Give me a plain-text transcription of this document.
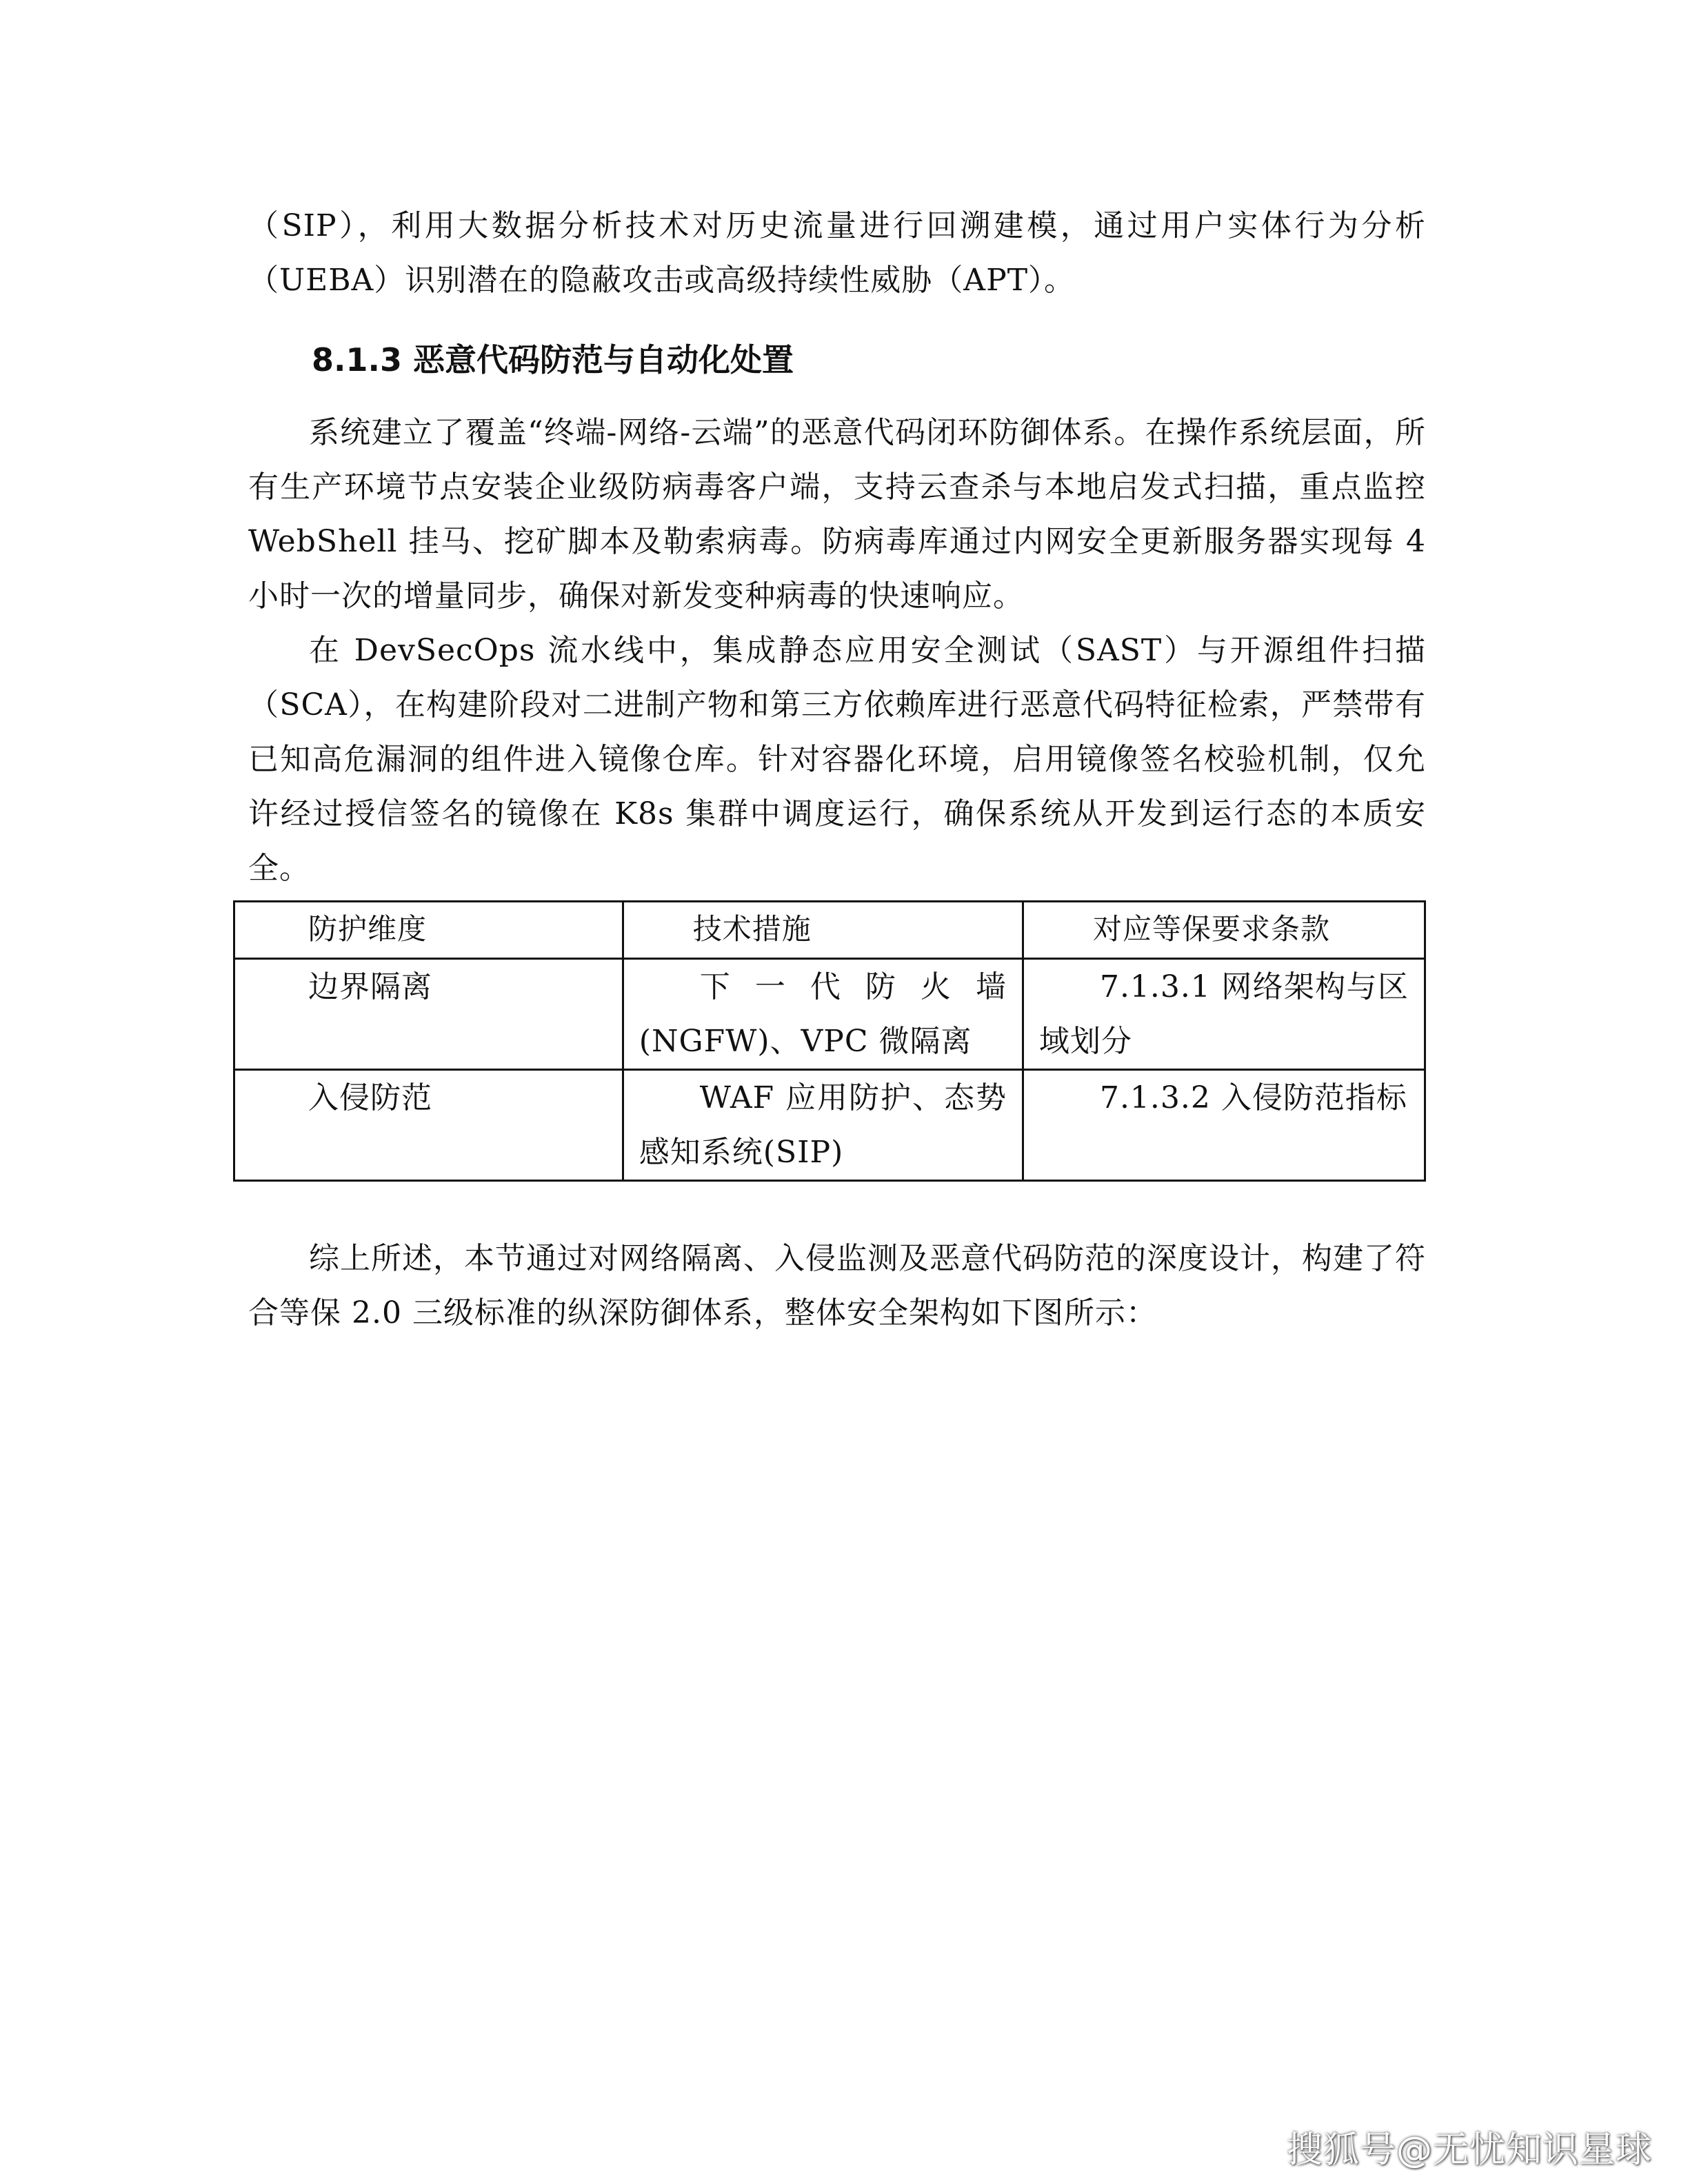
（SIP），利用大数据分析技术对历史流量进行回溯建模，通过用户实体行为分析（UEBA）识别潜在的隐蔽攻击或高级持续性威胁（APT）。

8.1.3 恶意代码防范与自动化处置

系统建立了覆盖“终端-网络-云端”的恶意代码闭环防御体系。在操作系统层面，所有生产环境节点安装企业级防病毒客户端，支持云查杀与本地启发式扫描，重点监控 WebShell 挂马、挖矿脚本及勒索病毒。防病毒库通过内网安全更新服务器实现每 4 小时一次的增量同步，确保对新发变种病毒的快速响应。

在 DevSecOps 流水线中，集成静态应用安全测试（SAST）与开源组件扫描（SCA），在构建阶段对二进制产物和第三方依赖库进行恶意代码特征检索，严禁带有已知高危漏洞的组件进入镜像仓库。针对容器化环境，启用镜像签名校验机制，仅允许经过授信签名的镜像在 K8s 集群中调度运行，确保系统从开发到运行态的本质安全。

防护维度	技术措施	对应等保要求条款
边界隔离	下一代防火墙(NGFW)、VPC 微隔离	7.1.3.1 网络架构与区域划分
入侵防范	WAF 应用防护、态势感知系统(SIP)	7.1.3.2 入侵防范指标

综上所述，本节通过对网络隔离、入侵监测及恶意代码防范的深度设计，构建了符合等保 2.0 三级标准的纵深防御体系，整体安全架构如下图所示：

搜狐号@无忧知识星球
